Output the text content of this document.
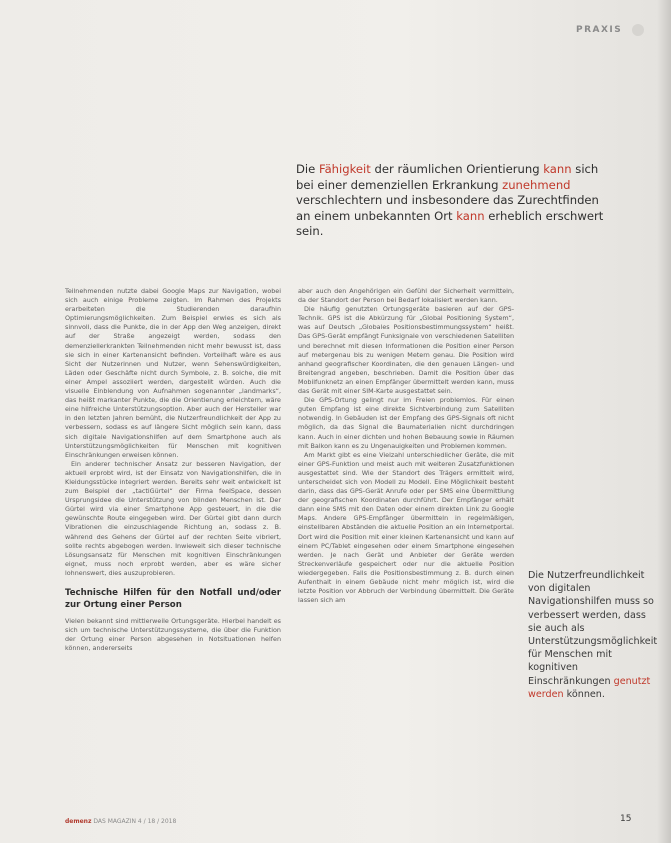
PRAXIS
Die Fähigkeit der räumlichen Orientierung kann sich bei einer demenziellen Erkrankung zunehmend verschlechtern und insbesondere das Zurechtfinden an einem unbekannten Ort kann erheblich erschwert sein.

Teilnehmenden nutzte dabei Google Maps zur Navigation, wobei sich auch einige Probleme zeigten. Im Rahmen des Projekts erarbeiteten die Studierenden daraufhin Optimierungsmöglichkeiten. Zum Beispiel erwies es sich als sinnvoll, dass die Punkte, die in der App den Weg anzeigen, direkt auf der Straße angezeigt werden, sodass den demenziellerkrankten Teilnehmenden nicht mehr bewusst ist, dass sie sich in einer Kartenansicht befinden. Vorteilhaft wäre es aus Sicht der Nutzerinnen und Nutzer, wenn Sehenswürdigkeiten, Läden oder Geschäfte nicht durch Symbole, z. B. solche, die mit einer Ampel assoziiert werden, dargestellt würden. Auch die visuelle Einblendung von Aufnahmen sogenannter „landmarks“, das heißt markanter Punkte, die die Orientierung erleichtern, wäre eine hilfreiche Unterstützungsoption. Aber auch der Hersteller war in den letzten Jahren bemüht, die Nutzerfreundlichkeit der App zu verbessern, sodass es auf längere Sicht möglich sein kann, dass sich digitale Navigationshilfen auf dem Smartphone auch als Unterstützungsmöglichkeiten für Menschen mit kognitiven Einschränkungen erweisen können.

Ein anderer technischer Ansatz zur besseren Navigation, der aktuell erprobt wird, ist der Einsatz von Navigationshilfen, die in Kleidungsstücke integriert werden. Bereits sehr weit entwickelt ist zum Beispiel der „tactiGürtel“ der Firma feelSpace, dessen Ursprungsidee die Unterstützung von blinden Menschen ist. Der Gürtel wird via einer Smartphone App gesteuert, in die die gewünschte Route eingegeben wird. Der Gürtel gibt dann durch Vibrationen die einzuschlagende Richtung an, sodass z. B. während des Gehens der Gürtel auf der rechten Seite vibriert, sollte rechts abgebogen werden. Inwieweit sich dieser technische Lösungsansatz für Menschen mit kognitiven Einschränkungen eignet, muss noch erprobt werden, aber es wäre sicher lohnenswert, dies auszuprobieren.

Technische Hilfen für den Notfall und/oder zur Ortung einer Person

Vielen bekannt sind mittlerweile Ortungsgeräte. Hierbei handelt es sich um technische Unterstützungssysteme, die über die Funktion der Ortung einer Person abgesehen in Notsituationen helfen können, andererseits

aber auch den Angehörigen ein Gefühl der Sicherheit vermitteln, da der Standort der Person bei Bedarf lokalisiert werden kann.

Die häufig genutzten Ortungsgeräte basieren auf der GPS-Technik. GPS ist die Abkürzung für „Global Positioning System“, was auf Deutsch „Globales Positionsbestimmungssystem“ heißt. Das GPS-Gerät empfängt Funksignale von verschiedenen Satelliten und berechnet mit diesen Informationen die Position einer Person auf metergenau bis zu wenigen Metern genau. Die Position wird anhand geografischer Koordinaten, die den genauen Längen- und Breitengrad angeben, beschrieben. Damit die Position über das Mobilfunknetz an einen Empfänger übermittelt werden kann, muss das Gerät mit einer SIM-Karte ausgestattet sein.

Die GPS-Ortung gelingt nur im Freien problemlos. Für einen guten Empfang ist eine direkte Sichtverbindung zum Satelliten notwendig. In Gebäuden ist der Empfang des GPS-Signals oft nicht möglich, da das Signal die Baumaterialien nicht durchdringen kann. Auch in einer dichten und hohen Bebauung sowie in Räumen mit Balkon kann es zu Ungenauigkeiten und Problemen kommen.

Am Markt gibt es eine Vielzahl unterschiedlicher Geräte, die mit einer GPS-Funktion und meist auch mit weiteren Zusatzfunktionen ausgestattet sind. Wie der Standort des Trägers ermittelt wird, unterscheidet sich von Modell zu Modell. Eine Möglichkeit besteht darin, dass das GPS-Gerät Anrufe oder per SMS eine Übermittlung der geografischen Koordinaten durchführt. Der Empfänger erhält dann eine SMS mit den Daten oder einem direkten Link zu Google Maps. Andere GPS-Empfänger übermitteln in regelmäßigen, einstellbaren Abständen die aktuelle Position an ein Internetportal. Dort wird die Position mit einer kleinen Kartenansicht und kann auf einem PC/Tablet eingesehen oder einem Smartphone eingesehen werden. Je nach Gerät und Anbieter der Geräte werden Streckenverläufe gespeichert oder nur die aktuelle Position wiedergegeben. Falls die Positionsbestimmung z. B. durch einen Aufenthalt in einem Gebäude nicht mehr möglich ist, wird die letzte Position vor Abbruch der Verbindung übermittelt. Die Geräte lassen sich am

Die Nutzerfreundlichkeit von digitalen Navigationshilfen muss so verbessert werden, dass sie auch als Unterstützungsmöglichkeit für Menschen mit kognitiven Einschränkungen genutzt werden können.
demenz DAS MAGAZIN 4 / 18 / 2018	15
